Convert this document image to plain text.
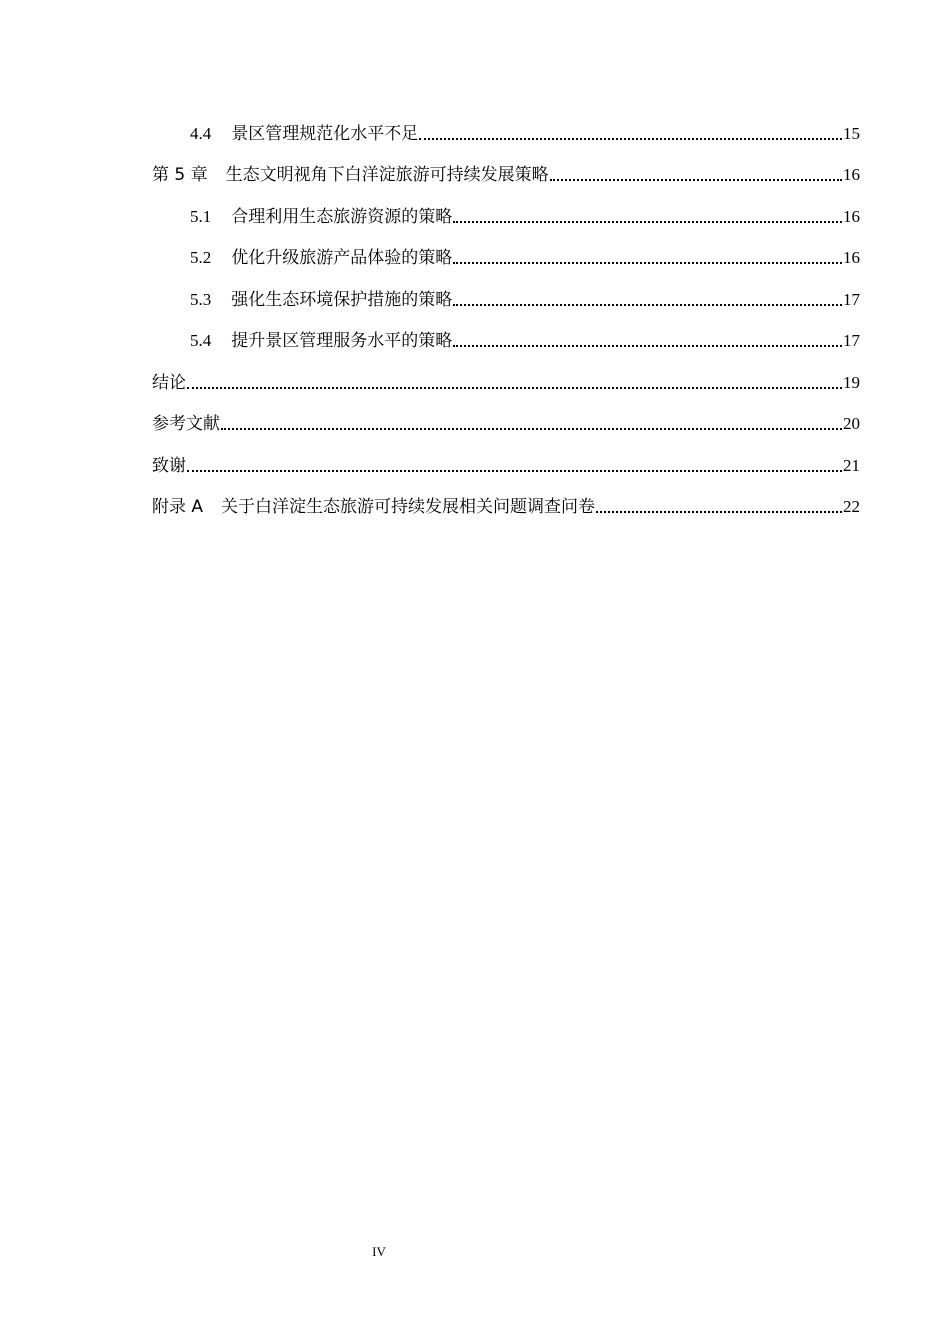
4.4 景区管理规范化水平不足	15
第 5 章 生态文明视角下白洋淀旅游可持续发展策略	16
5.1 合理利用生态旅游资源的策略	16
5.2 优化升级旅游产品体验的策略	16
5.3 强化生态环境保护措施的策略	17
5.4 提升景区管理服务水平的策略	17
结论	19
参考文献	20
致谢	21
附录 A 关于白洋淀生态旅游可持续发展相关问题调查问卷	22
IV
